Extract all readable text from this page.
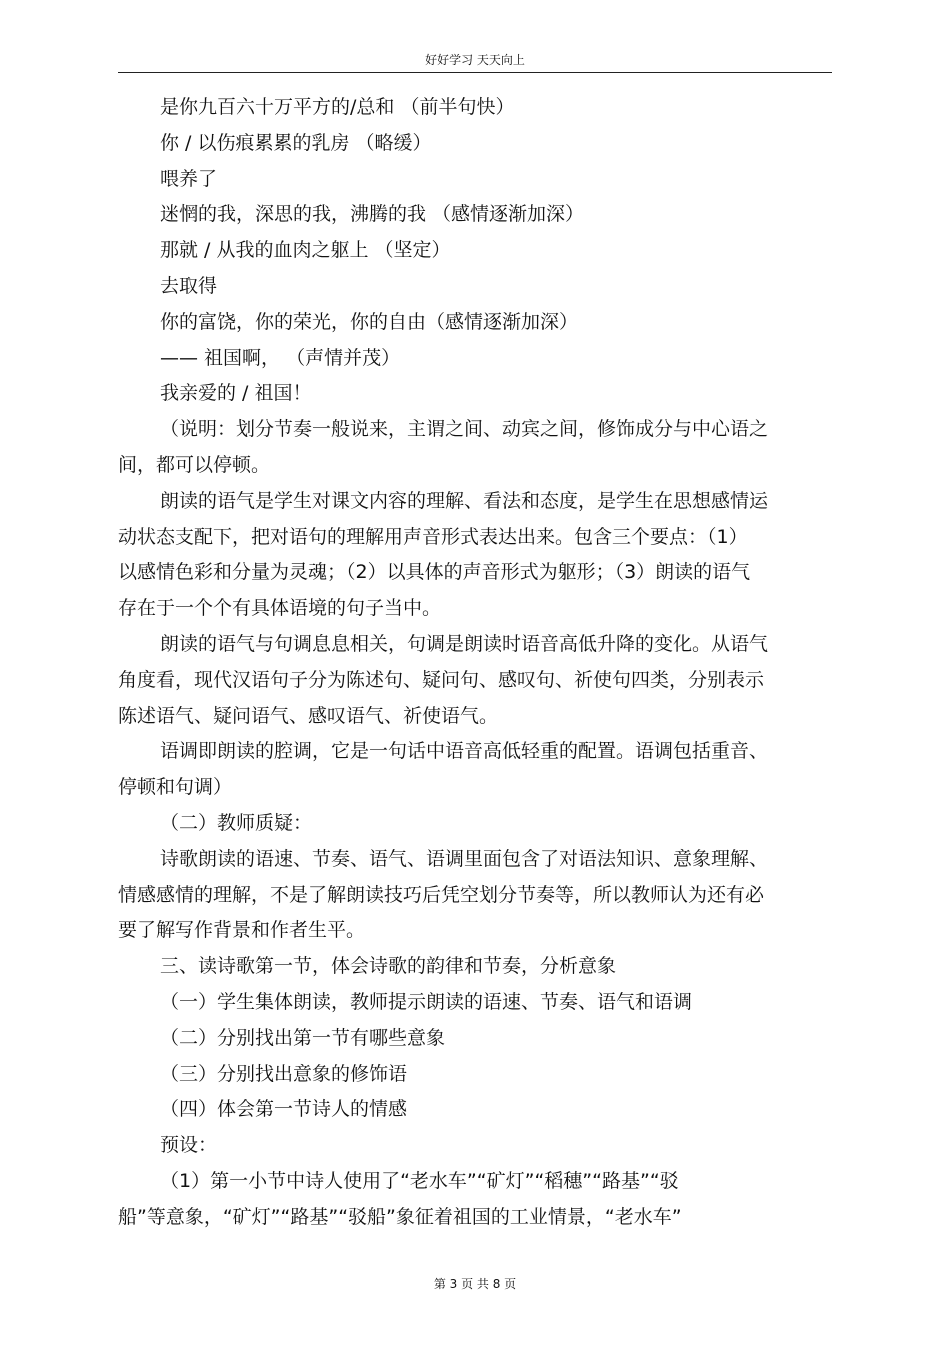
好好学习 天天向上
是你九百六十万平方的/总和 （前半句快）
你 / 以伤痕累累的乳房 （略缓）
喂养了
迷惘的我，深思的我，沸腾的我 （感情逐渐加深）
那就 / 从我的血肉之躯上 （坚定）
去取得
你的富饶，你的荣光，你的自由（感情逐渐加深）
—— 祖国啊， （声情并茂）
我亲爱的 / 祖国！
（说明：划分节奏一般说来，主谓之间、动宾之间，修饰成分与中心语之
间，都可以停顿。
朗读的语气是学生对课文内容的理解、看法和态度，是学生在思想感情运
动状态支配下，把对语句的理解用声音形式表达出来。包含三个要点：（1）
以感情色彩和分量为灵魂；（2）以具体的声音形式为躯形；（3）朗读的语气
存在于一个个有具体语境的句子当中。
朗读的语气与句调息息相关，句调是朗读时语音高低升降的变化。从语气
角度看，现代汉语句子分为陈述句、疑问句、感叹句、祈使句四类，分别表示
陈述语气、疑问语气、感叹语气、祈使语气。
语调即朗读的腔调，它是一句话中语音高低轻重的配置。语调包括重音、
停顿和句调）
（二）教师质疑：
诗歌朗读的语速、节奏、语气、语调里面包含了对语法知识、意象理解、
情感感情的理解，不是了解朗读技巧后凭空划分节奏等，所以教师认为还有必
要了解写作背景和作者生平。
三、读诗歌第一节，体会诗歌的韵律和节奏，分析意象
（一）学生集体朗读，教师提示朗读的语速、节奏、语气和语调
（二）分别找出第一节有哪些意象
（三）分别找出意象的修饰语
（四）体会第一节诗人的情感
预设：
（1）第一小节中诗人使用了“老水车”“矿灯”“稻穗”“路基”“驳
船”等意象，“矿灯”“路基”“驳船”象征着祖国的工业情景，“老水车”
第 3 页 共 8 页
